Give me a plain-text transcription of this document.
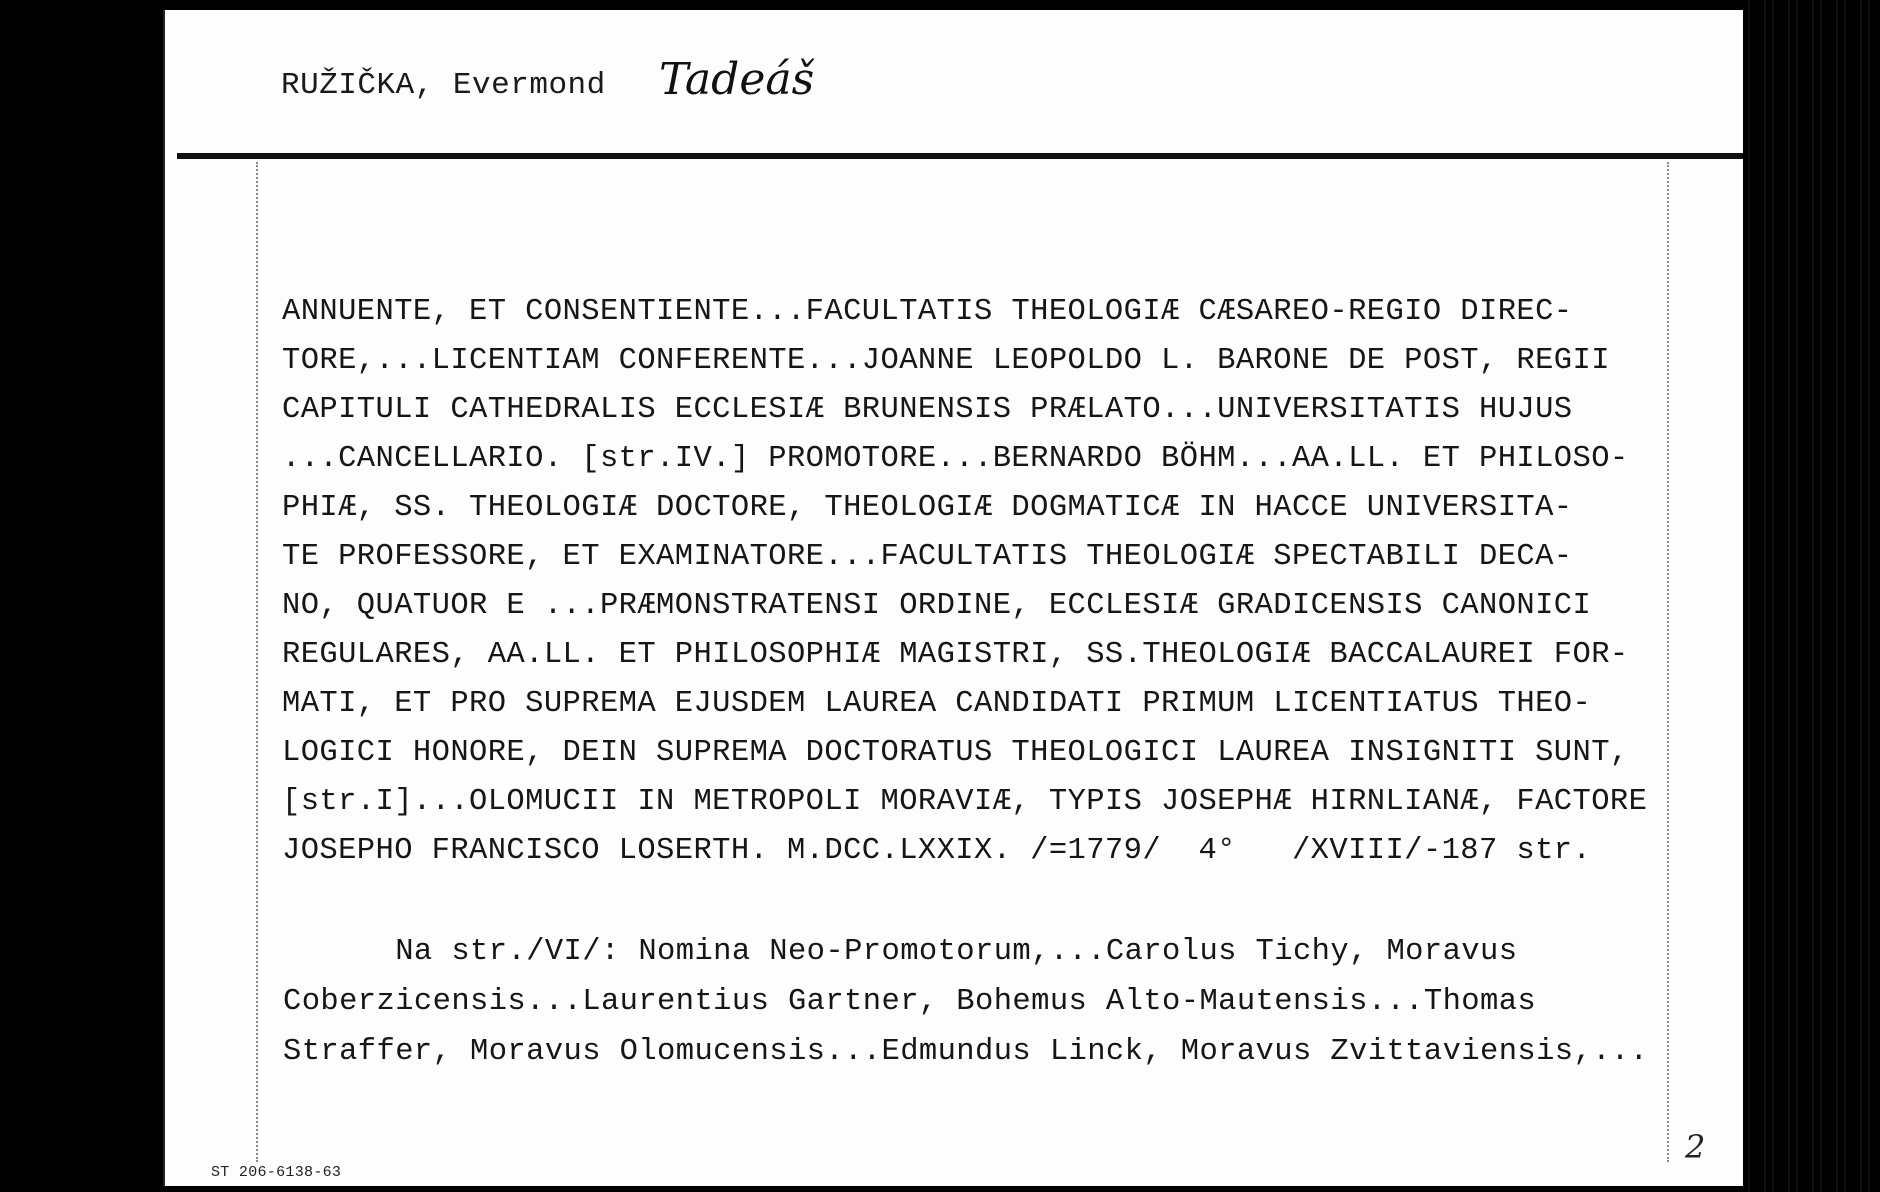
RUŽIČKA, Evermond Tadeáš
ANNUENTE, ET CONSENTIENTE...FACULTATIS THEOLOGIÆ CÆSAREO-REGIO DIREC-
TORE,...LICENTIAM CONFERENTE...JOANNE LEOPOLDO L. BARONE DE POST, REGII
CAPITULI CATHEDRALIS ECCLESIÆ BRUNENSIS PRÆLATO...UNIVERSITATIS HUJUS
...CANCELLARIO. [str.IV.] PROMOTORE...BERNARDO BÖHM...AA.LL. ET PHILOSO-
PHIÆ, SS. THEOLOGIÆ DOCTORE, THEOLOGIÆ DOGMATICÆ IN HACCE UNIVERSITA-
TE PROFESSORE, ET EXAMINATORE...FACULTATIS THEOLOGIÆ SPECTABILI DECA-
NO, QUATUOR E ...PRÆMONSTRATENSI ORDINE, ECCLESIÆ GRADICENSIS CANONICI
REGULARES, AA.LL. ET PHILOSOPHIÆ MAGISTRI, SS.THEOLOGIÆ BACCALAUREI FOR-
MATI, ET PRO SUPREMA EJUSDEM LAUREA CANDIDATI PRIMUM LICENTIATUS THEO-
LOGICI HONORE, DEIN SUPREMA DOCTORATUS THEOLOGICI LAUREA INSIGNITI SUNT,
[str.I]...OLOMUCII IN METROPOLI MORAVIÆ, TYPIS JOSEPHÆ HIRNLIANÆ, FACTORE
JOSEPHO FRANCISCO LOSERTH. M.DCC.LXXIX. /=1779/  4°   /XVIII/-187 str.
Na str./VI/: Nomina Neo-Promotorum,...Carolus Tichy, Moravus
Coberzicensis...Laurentius Gartner, Bohemus Alto-Mautensis...Thomas
Straffer, Moravus Olomucensis...Edmundus Linck, Moravus Zvittaviensis,...
2
ST 206-6138-63
